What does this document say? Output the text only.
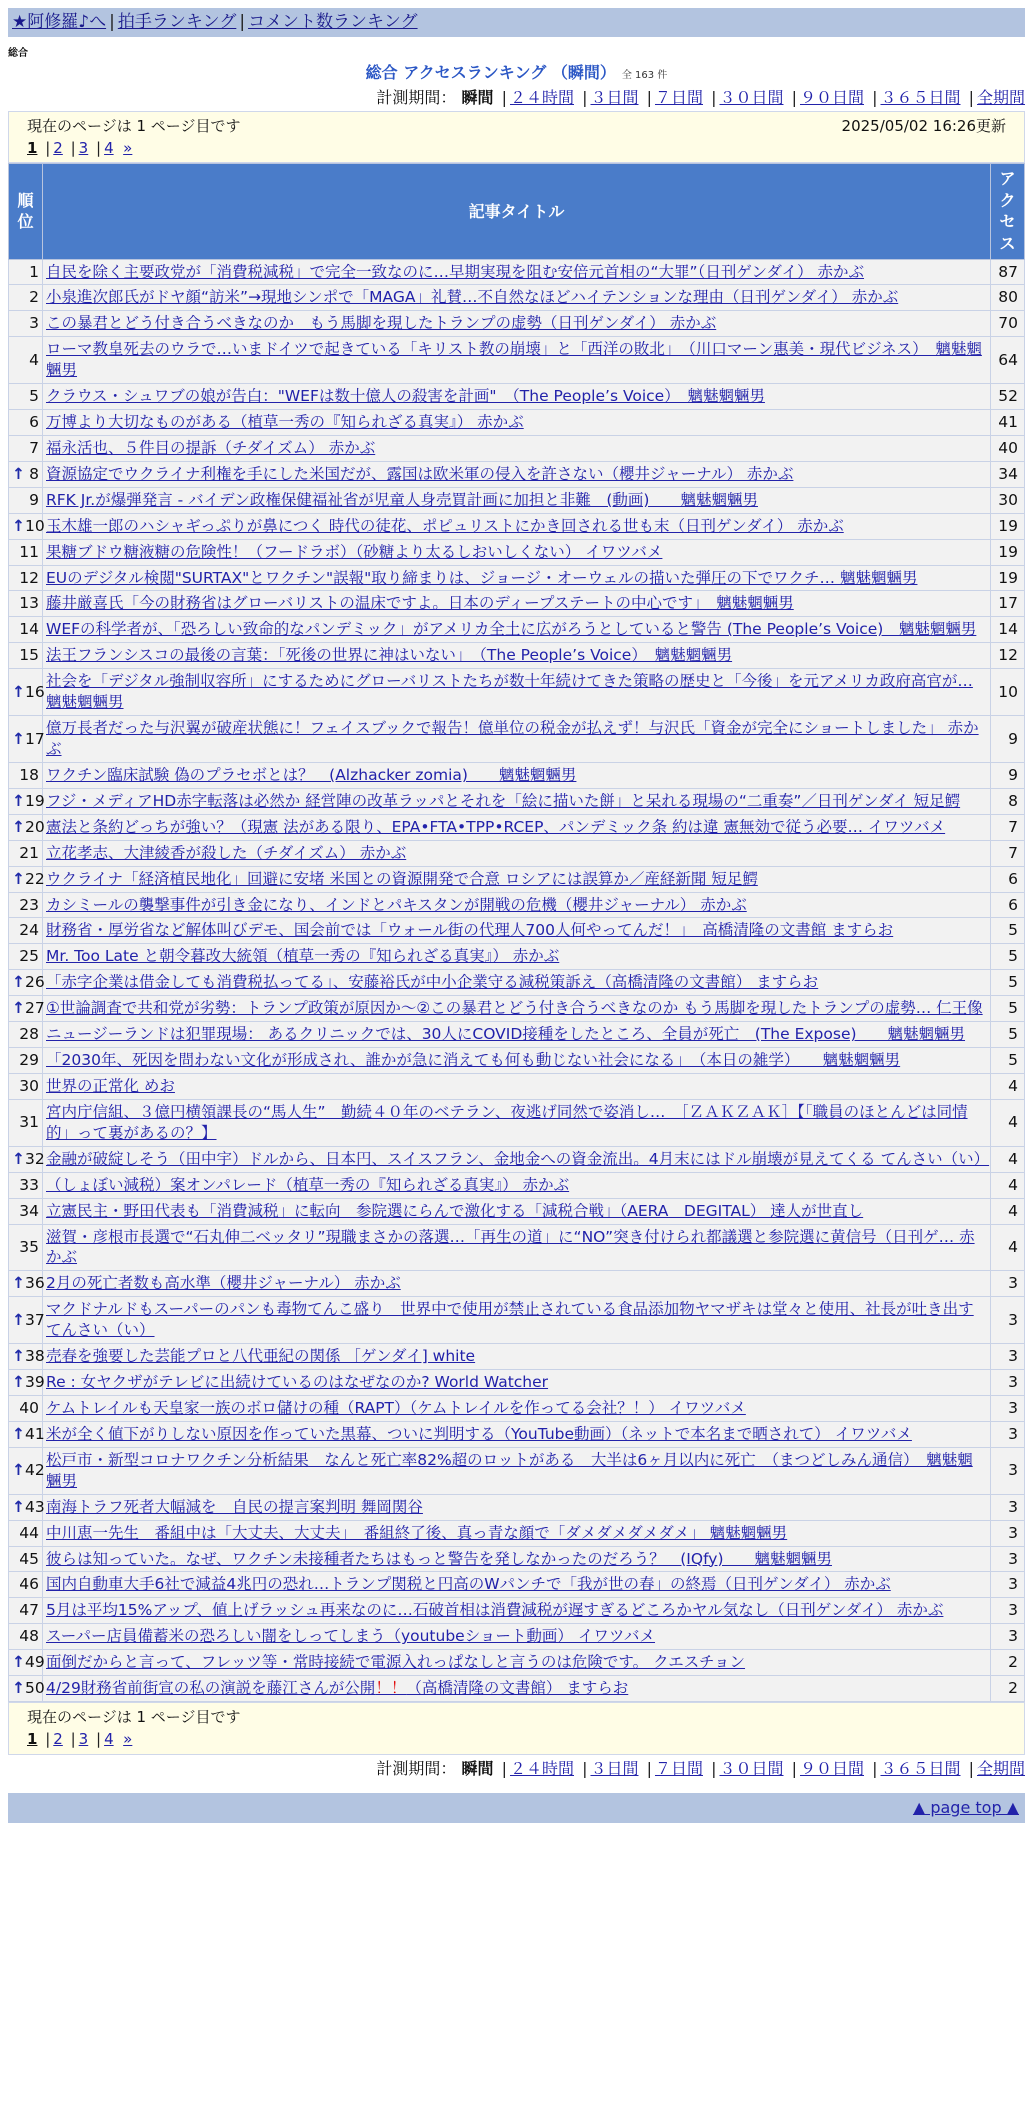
★阿修羅♪へ | 拍手ランキング | コメント数ランキング
総合
総合 アクセスランキング （瞬間） 全 163 件
計測期間： 瞬間 | ２４時間 | ３日間 | ７日間 | ３０日間 | ９０日間 | ３６５日間 | 全期間
現在のページは 1 ページ目です	2025/05/02 16:26更新
1 | 2 | 3 | 4 »
順位	記事タイトル	アクセス
1	自民を除く主要政党が「消費税減税」で完全一致なのに…早期実現を阻む安倍元首相の“大罪”（日刊ゲンダイ） 赤かぶ	87
2	小泉進次郎氏がドヤ顔“訪米”→現地シンポで「MAGA」礼賛…不自然なほどハイテンションな理由（日刊ゲンダイ） 赤かぶ	80
3	この暴君とどう付き合うべきなのか　もう馬脚を現したトランプの虚勢（日刊ゲンダイ） 赤かぶ	70
4	ローマ教皇死去のウラで…いまドイツで起きている「キリスト教の崩壊」と「西洋の敗北」　（川口マーン惠美・現代ビジネス）　魑魅魍魎男	64
5	クラウス・シュワブの娘が告白："WEFは数十億人の殺害を計画"　（The People’s Voice）　魑魅魍魎男	52
6	万博より大切なものがある（植草一秀の『知られざる真実』） 赤かぶ	41
7	福永活也、５件目の提訴（チダイズム） 赤かぶ	40

↑ 8	資源協定でウクライナ利権を手にした米国だが、露国は欧米軍の侵入を許さない（櫻井ジャーナル） 赤かぶ	34
9	RFK Jr.が爆弾発言 - バイデン政権保健福祉省が児童人身売買計画に加担と非難　(動画)　　魑魅魍魎男	30

↑ 10	玉木雄一郎のハシャギっぷりが鼻につく 時代の徒花、ポピュリストにかき回される世も末（日刊ゲンダイ） 赤かぶ	19
11	果糖ブドウ糖液糖の危険性！（フードラボ）（砂糖より太るしおいしくない） イワツバメ	19
12	EUのデジタル検閲"SURTAX"とワクチン"誤報"取り締まりは、ジョージ・オーウェルの描いた弾圧の下でワクチ… 魑魅魍魎男	19
13	藤井厳喜氏「今の財務省はグローバリストの温床ですよ。日本のディープステートの中心です」　魑魅魍魎男	17
14	WEFの科学者が、「恐ろしい致命的なパンデミック」がアメリカ全土に広がろうとしていると警告 (The People’s Voice)　魑魅魍魎男	14
15	法王フランシスコの最後の言葉：「死後の世界に神はいない」　（The People’s Voice）　魑魅魍魎男	12

↑ 16	社会を「デジタル強制収容所」にするためにグローバリストたちが数十年続けてきた策略の歴史と「今後」を元アメリカ政府高官が… 魑魅魍魎男	10

↑ 17	億万長者だった与沢翼が破産状態に！フェイスブックで報告！億単位の税金が払えず！与沢氏「資金が完全にショートしました」 赤かぶ	9
18	ワクチン臨床試験 偽のプラセボとは？　(Alzhacker zomia)　　魑魅魍魎男	9

↑ 19	フジ・メディアHD赤字転落は必然か 経営陣の改革ラッパとそれを「絵に描いた餅」と呆れる現場の“二重奏”／日刊ゲンダイ 短足鰐	8

↑ 20	憲法と条約どっちが強い？（現憲 法がある限り、EPA•FTA•TPP•RCEP、パンデミック条 約は違 憲無効で従う必要… イワツバメ	7
21	立花孝志、大津綾香が殺した（チダイズム） 赤かぶ	7

↑ 22	ウクライナ「経済植民地化」回避に安堵 米国との資源開発で合意 ロシアには誤算か／産経新聞 短足鰐	6
23	カシミールの襲撃事件が引き金になり、インドとパキスタンが開戦の危機（櫻井ジャーナル） 赤かぶ	6
24	財務省・厚労省など解体叫びデモ、国会前では「ウォール街の代理人700人何やってんだ！」　高橋清隆の文書館 ますらお	5
25	Mr. Too Late と朝令暮改大統領（植草一秀の『知られざる真実』） 赤かぶ	5

↑ 26	「赤字企業は借金しても消費税払ってる」、安藤裕氏が中小企業守る減税策訴え（高橋清隆の文書館） ますらお	5

↑ 27	①世論調査で共和党が劣勢：トランプ政策が原因か～②この暴君とどう付き合うべきなのか もう馬脚を現したトランプの虚勢… 仁王像	5
28	ニュージーランドは犯罪現場： あるクリニックでは、30人にCOVID接種をしたところ、全員が死亡　(The Expose)　　魑魅魍魎男	5
29	「2030年、死因を問わない文化が形成され、誰かが急に消えても何も動じない社会になる」　（本日の雑学）　　魑魅魍魎男	5
30	世界の正常化 めお	4
31	宮内庁信組、３億円横領課長の“馬人生”　勤続４０年のベテラン、夜逃げ同然で姿消し…　［ＺＡＫＺＡＫ］【「職員のほとんどは同情的」って裏があるの？】	4

↑ 32	金融が破綻しそう（田中宇）ドルから、日本円、スイスフラン、金地金への資金流出。4月末にはドル崩壊が見えてくる てんさい（い）	4
33	（しょぼい減税）案オンパレード（植草一秀の『知られざる真実』） 赤かぶ	4
34	立憲民主・野田代表も「消費減税」に転向　参院選にらんで激化する「減税合戦」（AERA　DEGITAL） 達人が世直し	4
35	滋賀・彦根市長選で“石丸伸二ベッタリ”現職まさかの落選…「再生の道」に“NO”突き付けられ都議選と参院選に黄信号（日刊ゲ… 赤かぶ	4

↑ 36	2月の死亡者数も高水準（櫻井ジャーナル） 赤かぶ	3

↑ 37	マクドナルドもスーパーのパンも毒物てんこ盛り　世界中で使用が禁止されている食品添加物ヤマザキは堂々と使用、社長が吐き出す てんさい（い）	3

↑ 38	売春を強要した芸能プロと八代亜紀の関係 ［ゲンダイ] white	3

↑ 39	Re : 女ヤクザがテレビに出続けているのはなぜなのか? World Watcher	3
40	ケムトレイルも天皇家一族のボロ儲けの種（RAPT）（ケムトレイルを作ってる会社？！） イワツバメ	3

↑ 41	米が全く値下がりしない原因を作っていた黒幕、ついに判明する（YouTube動画）（ネットで本名まで晒されて） イワツバメ	3

↑ 42	松戸市・新型コロナワクチン分析結果　なんと死亡率82%超のロットがある　大半は6ヶ月以内に死亡　（まつどしみん通信）　魑魅魍魎男	3

↑ 43	南海トラフ死者大幅減を　自民の提言案判明 舞岡関谷	3
44	中川恵一先生　番組中は「大丈夫、大丈夫」　番組終了後、真っ青な顔で「ダメダメダメダメ」 魑魅魍魎男	3
45	彼らは知っていた。なぜ、ワクチン未接種者たちはもっと警告を発しなかったのだろう？　(IQfy)　　魑魅魍魎男	3
46	国内自動車大手6社で減益4兆円の恐れ…トランプ関税と円高のWパンチで「我が世の春」の終焉（日刊ゲンダイ） 赤かぶ	3
47	5月は平均15%アップ、値上げラッシュ再来なのに…石破首相は消費減税が遅すぎるどころかヤル気なし（日刊ゲンダイ） 赤かぶ	3
48	スーパー店員備蓄米の恐ろしい闇をしってしまう（youtubeショート動画） イワツバメ	3

↑ 49	面倒だからと言って、フレッツ等・常時接続で電源入れっぱなしと言うのは危険です。 クエスチョン	2

↑ 50	4/29財務省前街宣の私の演説を藤江さんが公開！！（高橋清隆の文書館） ますらお	2
現在のページは 1 ページ目です
1 | 2 | 3 | 4 »
計測期間： 瞬間 | ２４時間 | ３日間 | ７日間 | ３０日間 | ９０日間 | ３６５日間 | 全期間
▲ page top ▲
